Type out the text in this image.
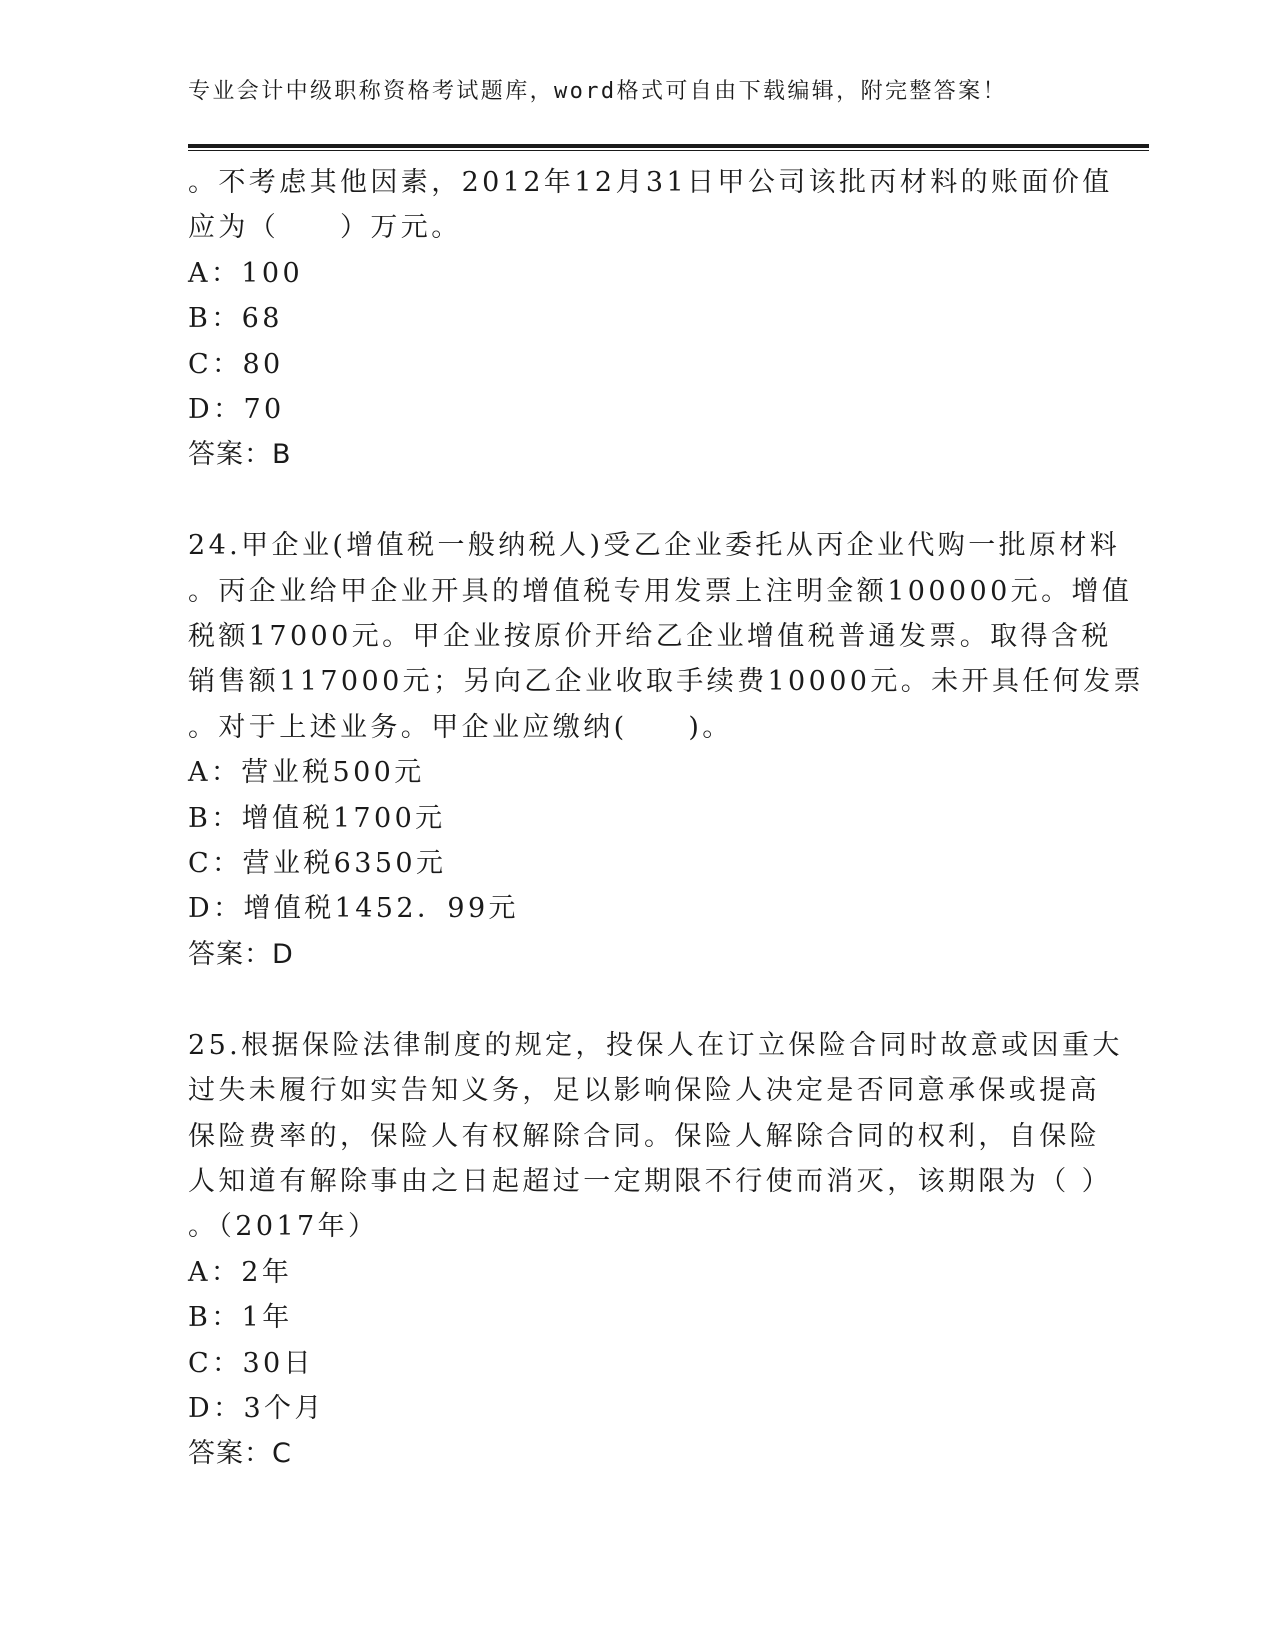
专业会计中级职称资格考试题库，word格式可自由下载编辑，附完整答案！
。不考虑其他因素，2012年12月31日甲公司该批丙材料的账面价值
应为（　　）万元。
A：100
B：68
C：80
D：70
答案：B
24.甲企业(增值税一般纳税人)受乙企业委托从丙企业代购一批原材料
。丙企业给甲企业开具的增值税专用发票上注明金额100000元。增值
税额17000元。甲企业按原价开给乙企业增值税普通发票。取得含税
销售额117000元；另向乙企业收取手续费10000元。未开具任何发票
。对于上述业务。甲企业应缴纳(　　)。
A：营业税500元
B：增值税1700元
C：营业税6350元
D：增值税1452．99元
答案：D
25.根据保险法律制度的规定，投保人在订立保险合同时故意或因重大
过失未履行如实告知义务，足以影响保险人决定是否同意承保或提高
保险费率的，保险人有权解除合同。保险人解除合同的权利，自保险
人知道有解除事由之日起超过一定期限不行使而消灭，该期限为（ ）
。（2017年）
A：2年
B：1年
C：30日
D：3个月
答案：C
